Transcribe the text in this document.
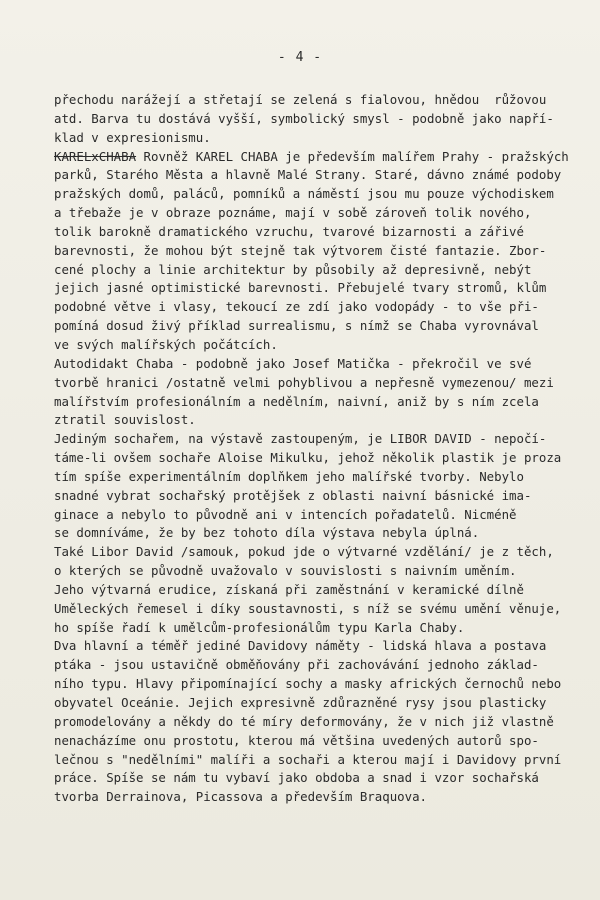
- 4 -
přechodu narážejí a střetají se zelená s fialovou, hnědou  růžovou
atd. Barva tu dostává vyšší, symbolický smysl - podobně jako napří-
klad v expresionismu.
KARELxCHABA Rovněž KAREL CHABA je především malířem Prahy - pražských
parků, Starého Města a hlavně Malé Strany. Staré, dávno známé podoby
pražských domů, paláců, pomníků a náměstí jsou mu pouze východiskem
a třebaže je v obraze poznáme, mají v sobě zároveň tolik nového,
tolik barokně dramatického vzruchu, tvarové bizarnosti a zářivé
barevnosti, že mohou být stejně tak výtvorem čisté fantazie. Zbor-
cené plochy a linie architektur by působily až depresivně, nebýt
jejich jasné optimistické barevnosti. Přebujelé tvary stromů, klům
podobné větve i vlasy, tekoucí ze zdí jako vodopády - to vše při-
pomíná dosud živý příklad surrealismu, s nímž se Chaba vyrovnával
ve svých malířských počátcích.
Autodidakt Chaba - podobně jako Josef Matička - překročil ve své
tvorbě hranici /ostatně velmi pohyblivou a nepřesně vymezenou/ mezi
malířstvím profesionálním a nedělním, naivní, aniž by s ním zcela
ztratil souvislost.
Jediným sochařem, na výstavě zastoupeným, je LIBOR DAVID - nepočí-
táme-li ovšem sochaře Aloise Mikulku, jehož několik plastik je proza
tím spíše experimentálním doplňkem jeho malířské tvorby. Nebylo
snadné vybrat sochařský protějšek z oblasti naivní básnické ima-
ginace a nebylo to původně ani v intencích pořadatelů. Nicméně
se domníváme, že by bez tohoto díla výstava nebyla úplná.
Také Libor David /samouk, pokud jde o výtvarné vzdělání/ je z těch,
o kterých se původně uvažovalo v souvislosti s naivním uměním.
Jeho výtvarná erudice, získaná při zaměstnání v keramické dílně
Uměleckých řemesel i díky soustavnosti, s níž se svému umění věnuje,
ho spíše řadí k umělcům-profesionálům typu Karla Chaby.
Dva hlavní a téměř jediné Davidovy náměty - lidská hlava a postava
ptáka - jsou ustavičně obměňovány při zachovávání jednoho základ-
ního typu. Hlavy připomínající sochy a masky afrických černochů nebo
obyvatel Oceánie. Jejich expresivně zdůrazněné rysy jsou plasticky
promodelovány a někdy do té míry deformovány, že v nich již vlastně
nenacházíme onu prostotu, kterou má většina uvedených autorů spo-
lečnou s "nedělními" malíři a sochaři a kterou mají i Davidovy první
práce. Spíše se nám tu vybaví jako obdoba a snad i vzor sochařská
tvorba Derrainova, Picassova a především Braquova.
